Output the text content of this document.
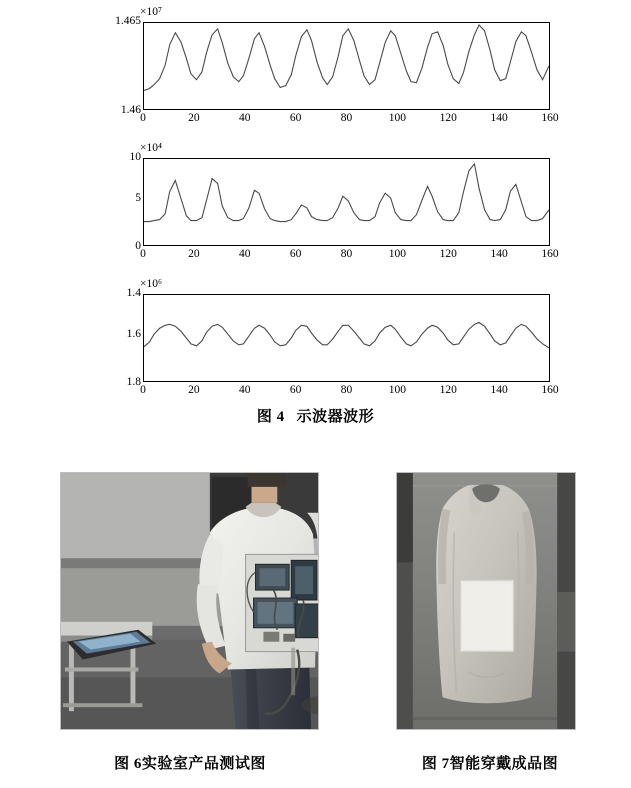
×10⁷
1.465
1.46
0	20	40	60	80	100	120	140	160
×10⁴
10
5
0
0	20	40	60	80	100	120	140	160
×10⁶
1.4
1.6
1.8
0	20	40	60	80	100	120	140	160
图 4 示波器波形
图 6实验室产品测试图	图 7智能穿戴成品图
